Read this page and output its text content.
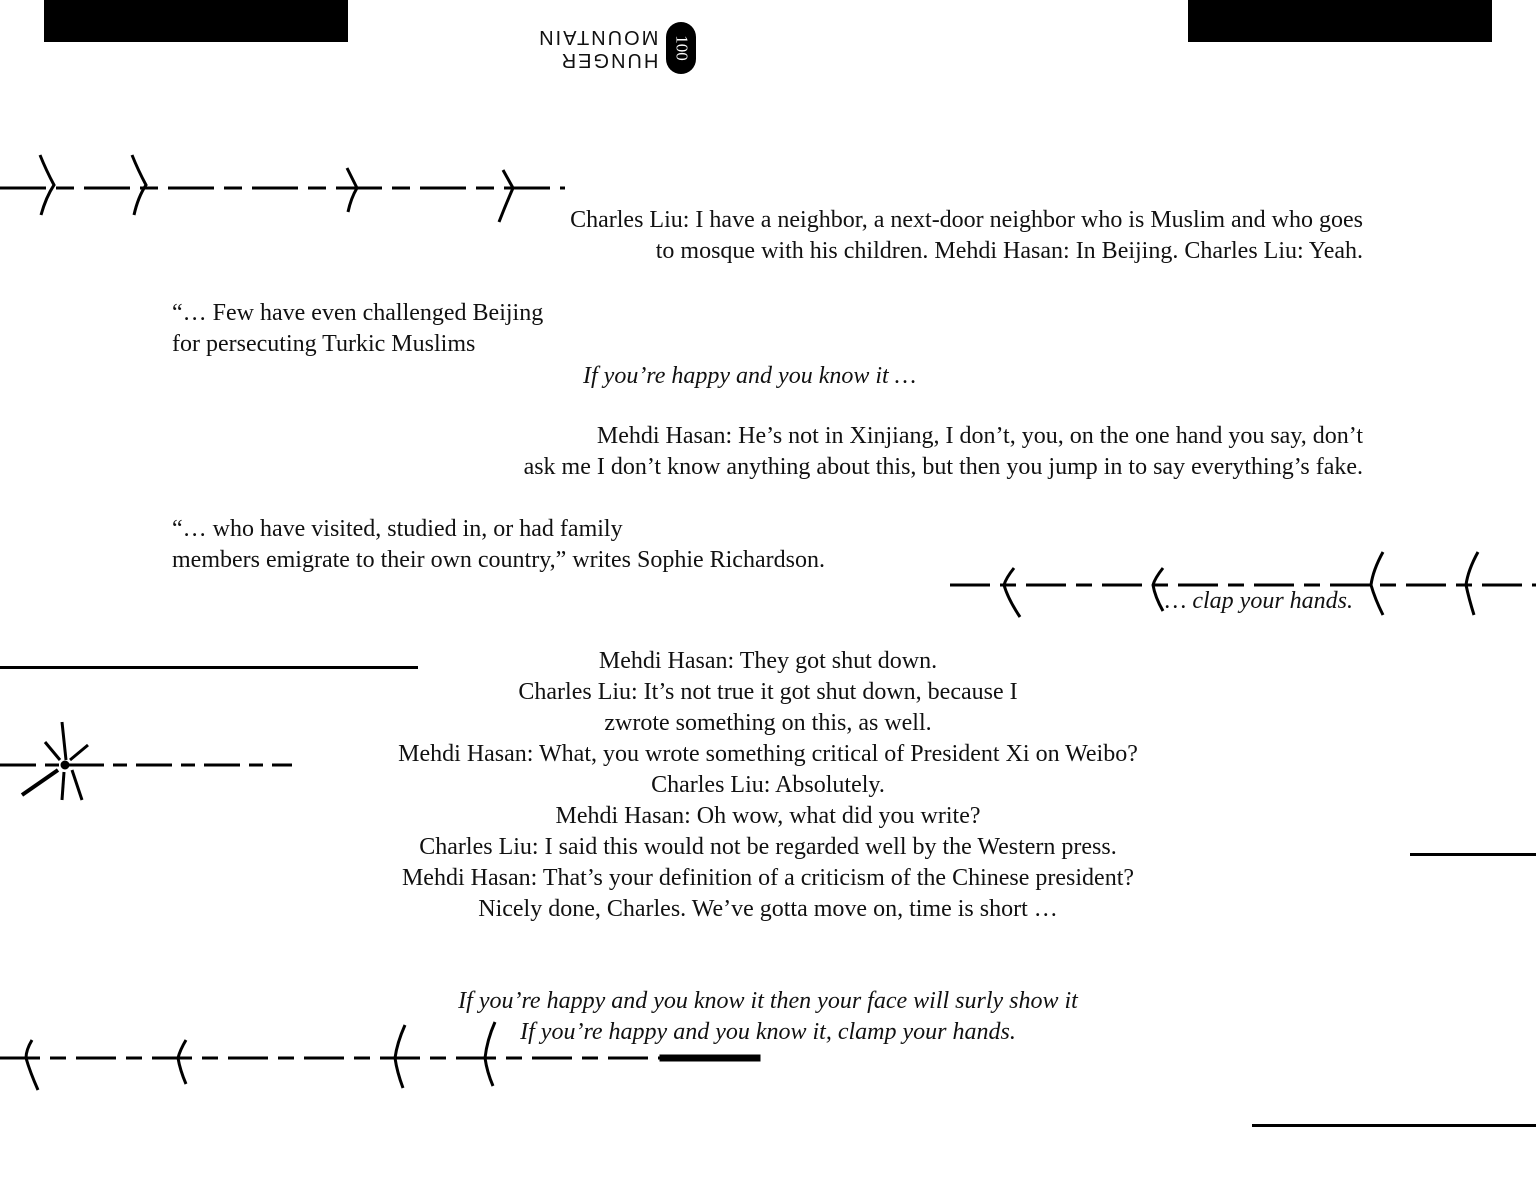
100
HUNGER MOUNTAIN
Charles Liu: I have a neighbor, a next-door neighbor who is Muslim and who goes
to mosque with his children. Mehdi Hasan: In Beijing. Charles Liu: Yeah.
“… Few have even challenged Beijing
for persecuting Turkic Muslims
If you’re happy and you know it …
Mehdi Hasan: He’s not in Xinjiang, I don’t, you, on the one hand you say, don’t
ask me I don’t know anything about this, but then you jump in to say everything’s fake.
“… who have visited, studied in, or had family
members emigrate to their own country,” writes Sophie Richardson.
… clap your hands.
Mehdi Hasan: They got shut down.
Charles Liu: It’s not true it got shut down, because I
zwrote something on this, as well.
Mehdi Hasan: What, you wrote something critical of President Xi on Weibo?
Charles Liu: Absolutely.
Mehdi Hasan: Oh wow, what did you write?
Charles Liu: I said this would not be regarded well by the Western press.
Mehdi Hasan: That’s your definition of a criticism of the Chinese president?
Nicely done, Charles. We’ve gotta move on, time is short …
If you’re happy and you know it then your face will surly show it
If you’re happy and you know it, clamp your hands.
